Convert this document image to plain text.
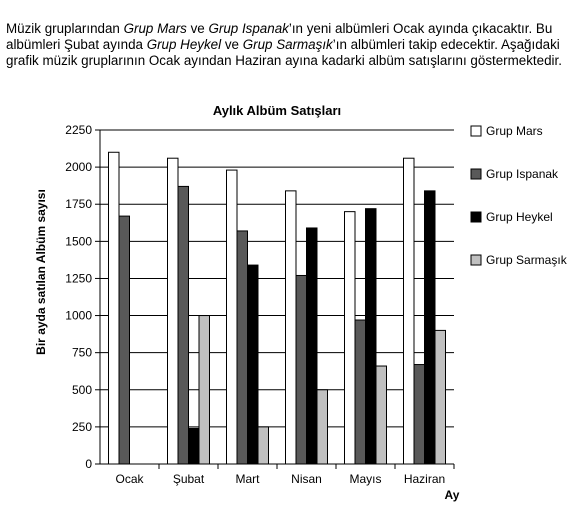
Müzik gruplarından Grup Mars ve Grup Ispanak’ın yeni albümleri Ocak ayında çıkacaktır. Bu albümleri Şubat ayında Grup Heykel ve Grup Sarmaşık’ın albümleri takip edecektir. Aşağıdaki grafik müzik gruplarının Ocak ayından Haziran ayına kadarki albüm satışlarını göstermektedir.

Aylık Albüm Satışları
Bir ayda satılan Albüm sayısı
Ay
0
250
500
750
1000
1250
1500
1750
2000
2250
Ocak Şubat	Mart	Nisan Mayıs Haziran
Grup Mars
Grup Ispanak
Grup Heykel
Grup Sarmaşık
